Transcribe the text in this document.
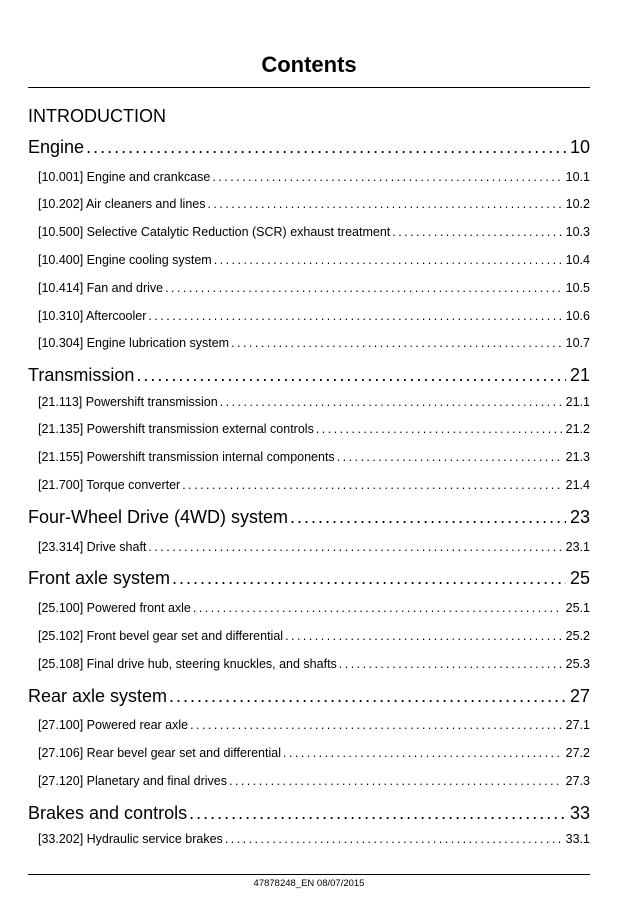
Contents
INTRODUCTION
Engine . . .	10
[10.001] Engine and crankcase . . .	10.1
[10.202] Air cleaners and lines . . .	10.2
[10.500] Selective Catalytic Reduction (SCR) exhaust treatment . . .	10.3
[10.400] Engine cooling system . . .	10.4
[10.414] Fan and drive . . .	10.5
[10.310] Aftercooler . . .	10.6
[10.304] Engine lubrication system . . .	10.7
Transmission . . .	21
[21.113] Powershift transmission . . .	21.1
[21.135] Powershift transmission external controls . . .	21.2
[21.155] Powershift transmission internal components . . .	21.3
[21.700] Torque converter . . .	21.4
Four-Wheel Drive (4WD) system . . .	23
[23.314] Drive shaft . . .	23.1
Front axle system . . .	25
[25.100] Powered front axle . . .	25.1
[25.102] Front bevel gear set and differential . . .	25.2
[25.108] Final drive hub, steering knuckles, and shafts . . .	25.3
Rear axle system . . .	27
[27.100] Powered rear axle . . .	27.1
[27.106] Rear bevel gear set and differential . . .	27.2
[27.120] Planetary and final drives . . .	27.3
Brakes and controls . . .	33
[33.202] Hydraulic service brakes . . .	33.1
47878248_EN 08/07/2015
